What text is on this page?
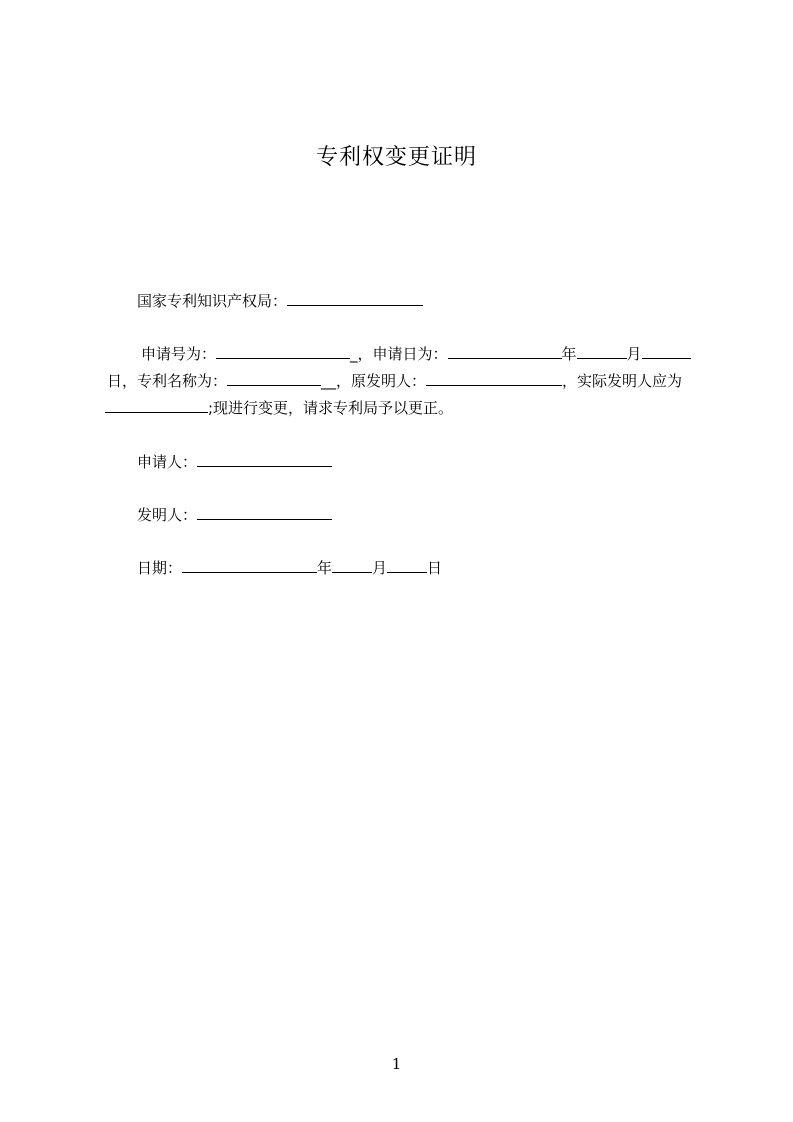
专利权变更证明
国家专利知识产权局：
申请号为：	_，申请日为：	年	月
日，专利名称为：	__，原发明人：	，实际发明人应为
;现进行变更，请求专利局予以更正。
申请人：
发明人：
日期：	年	月	日
1
